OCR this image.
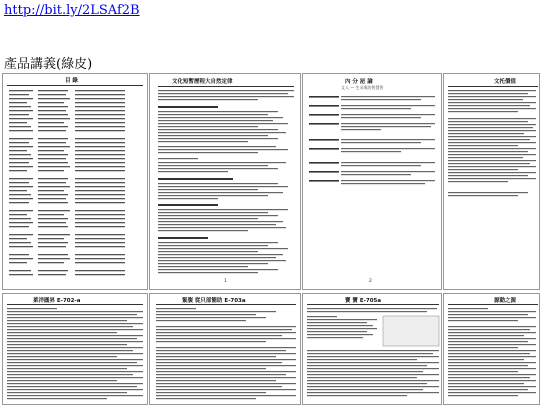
http://bit.ly/2LSAf2B
產品講義(綠皮)
目 錄	文化短暫歷程大自然定律
1
內 分 泌 論
文人 — 生采與的智慧智
2
文托價值
萊洋圓昇 E-702-a	緊腹 從只部簡助 E-703a	寶 寶 E-705a	源動之源
